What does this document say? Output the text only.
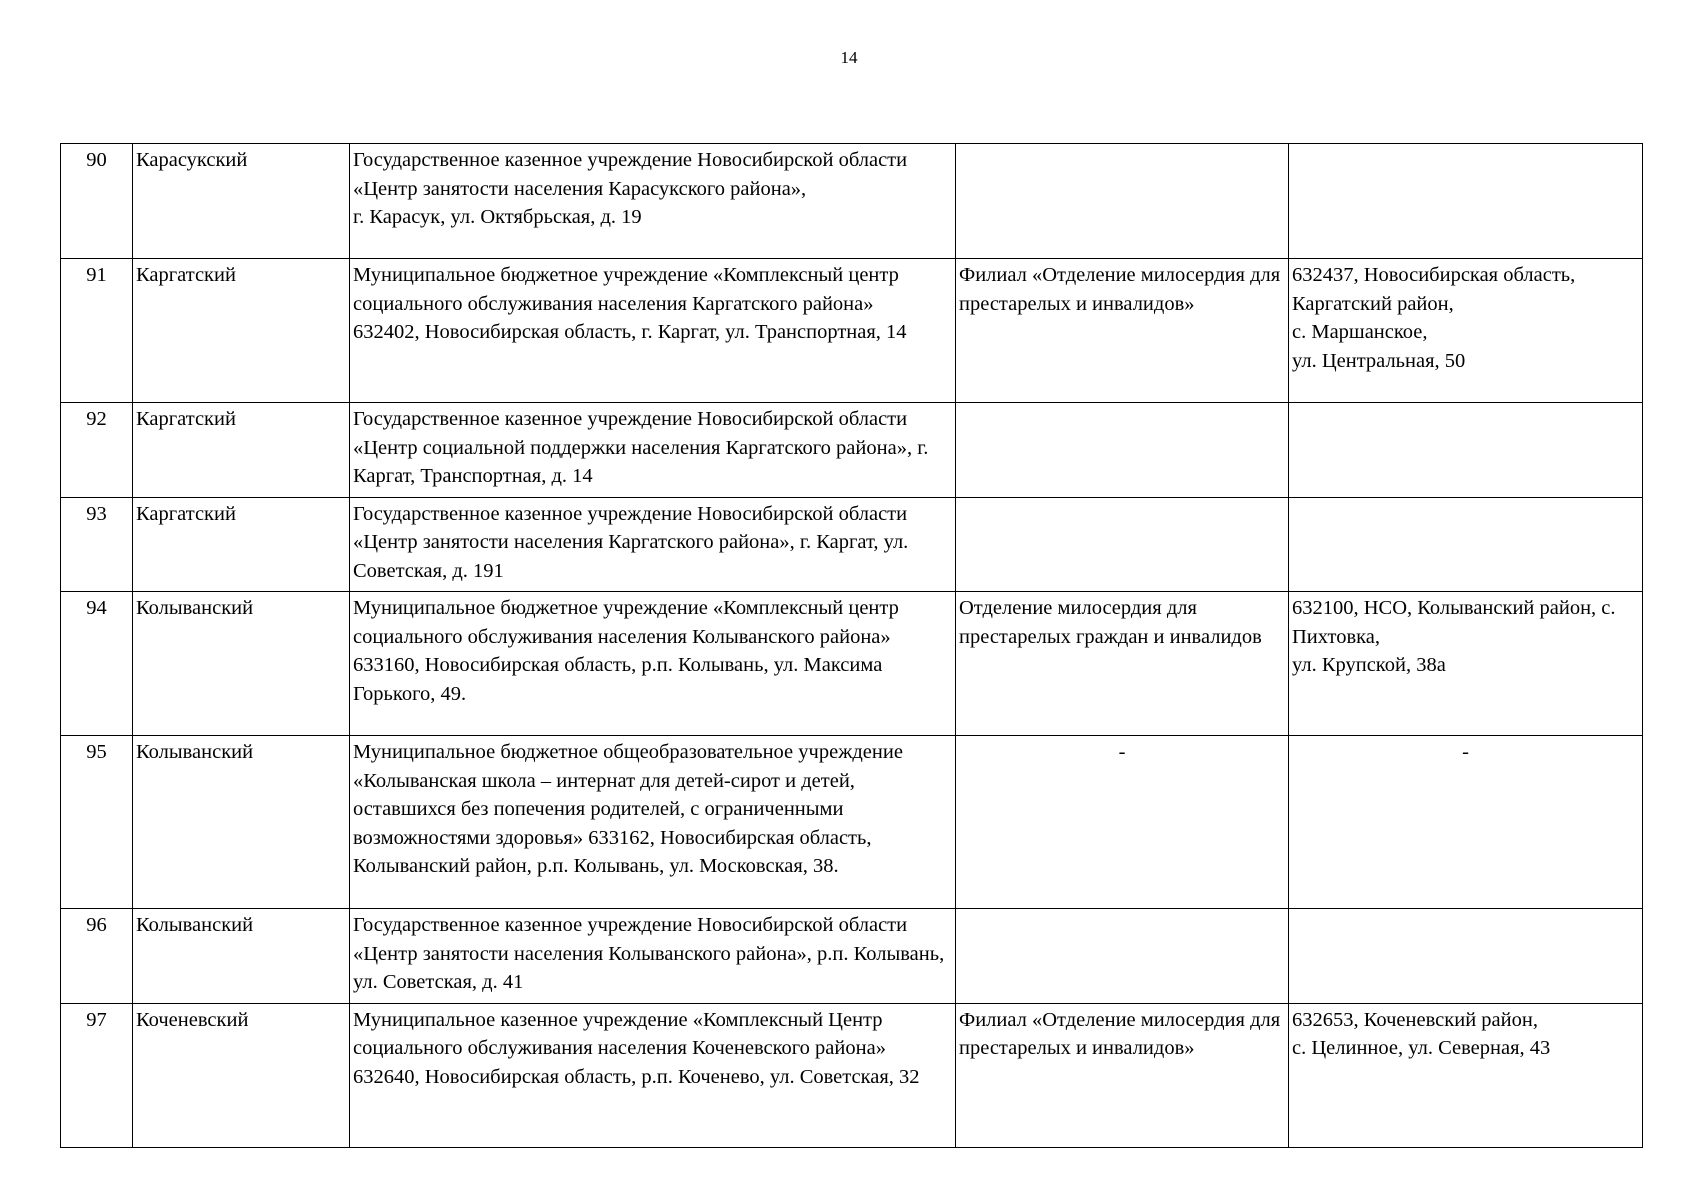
14
90	Карасукский	Государственное казенное учреждение Новосибирской области «Центр занятости населения Карасукского района»,
г. Карасук, ул. Октябрьская, д. 19		
91	Каргатский	Муниципальное бюджетное учреждение «Комплексный центр социального обслуживания населения Каргатского района»
632402, Новосибирская область, г. Каргат, ул. Транспортная, 14	Филиал «Отделение милосердия для престарелых и инвалидов»	632437, Новосибирская область,
Каргатский район,
с. Маршанское,
ул. Центральная, 50
92	Каргатский	Государственное казенное учреждение Новосибирской области «Центр социальной поддержки населения Каргатского района», г. Каргат, Транспортная, д. 14		
93	Каргатский	Государственное казенное учреждение Новосибирской области «Центр занятости населения Каргатского района», г. Каргат, ул. Советская, д. 191		
94	Колыванский	Муниципальное бюджетное учреждение «Комплексный центр социального обслуживания населения Колыванского района»
633160, Новосибирская область, р.п. Колывань, ул. Максима Горького, 49.	Отделение милосердия для престарелых граждан и инвалидов	632100, НСО, Колыванский район, с. Пихтовка,
ул. Крупской, 38а
95	Колыванский	Муниципальное бюджетное общеобразовательное учреждение «Колыванская школа – интернат для детей-сирот и детей, оставшихся без попечения родителей, с ограниченными возможностями здоровья» 633162, Новосибирская область, Колыванский район, р.п. Колывань, ул. Московская, 38.	-	-
96	Колыванский	Государственное казенное учреждение Новосибирской области «Центр занятости населения Колыванского района», р.п. Колывань, ул. Советская, д. 41		
97	Коченевский	Муниципальное казенное учреждение «Комплексный Центр социального обслуживания населения Коченевского района» 632640, Новосибирская область, р.п. Коченево, ул. Советская, 32	Филиал «Отделение милосердия для престарелых и инвалидов»	632653, Коченевский район,
с. Целинное, ул. Северная, 43
